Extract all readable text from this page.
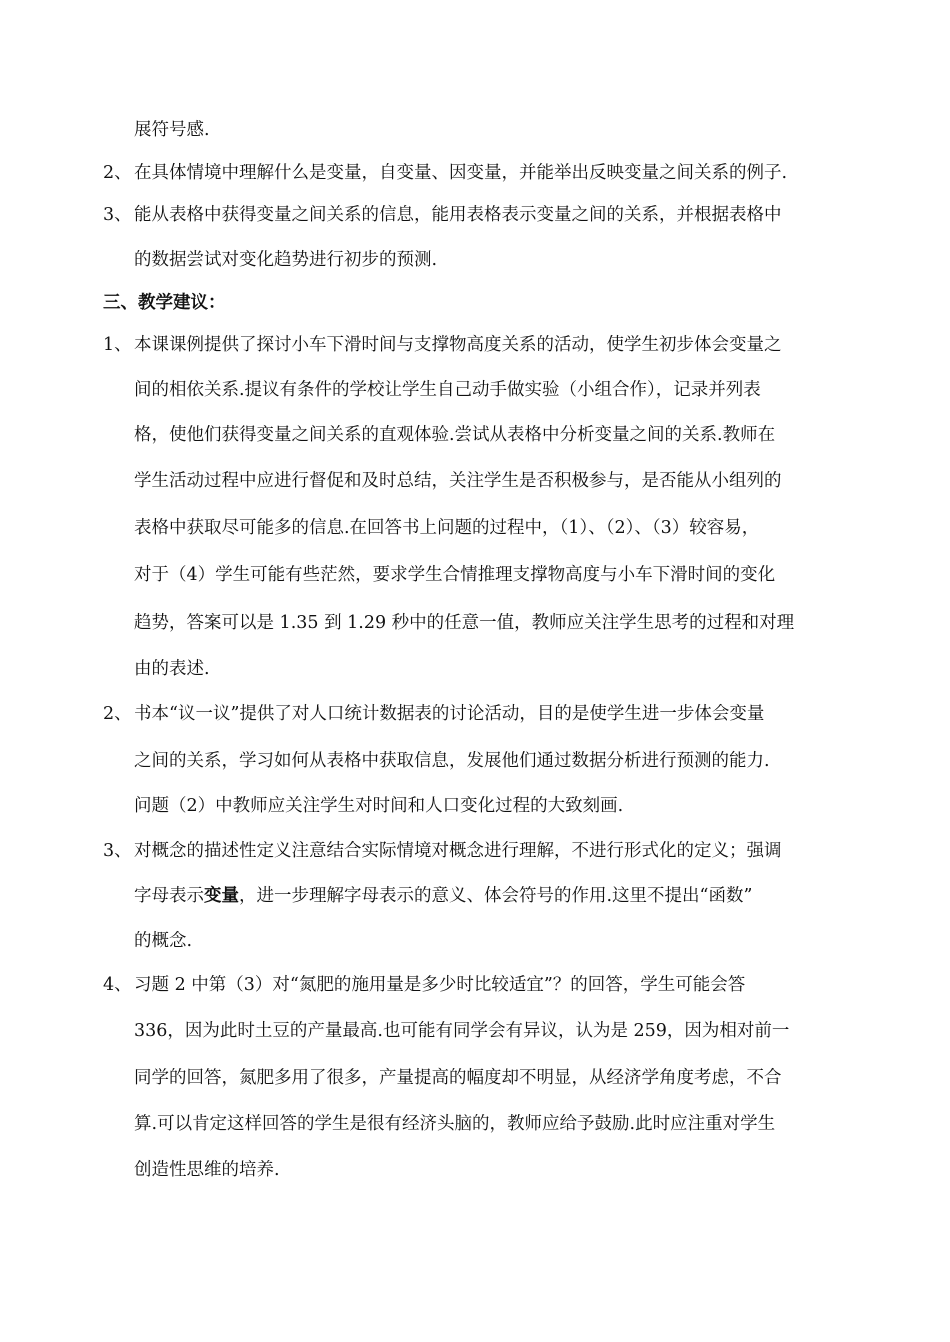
展符号感.
2、 在具体情境中理解什么是变量，自变量、因变量，并能举出反映变量之间关系的例子.
3、 能从表格中获得变量之间关系的信息，能用表格表示变量之间的关系，并根据表格中
的数据尝试对变化趋势进行初步的预测.
三、教学建议：
1、 本课课例提供了探讨小车下滑时间与支撑物高度关系的活动，使学生初步体会变量之
间的相依关系.提议有条件的学校让学生自己动手做实验（小组合作），记录并列表
格，使他们获得变量之间关系的直观体验.尝试从表格中分析变量之间的关系.教师在
学生活动过程中应进行督促和及时总结，关注学生是否积极参与，是否能从小组列的
表格中获取尽可能多的信息.在回答书上问题的过程中，（1）、（2）、（3）较容易，
对于（4）学生可能有些茫然，要求学生合情推理支撑物高度与小车下滑时间的变化
趋势，答案可以是 1.35 到 1.29 秒中的任意一值，教师应关注学生思考的过程和对理
由的表述.
2、 书本“议一议”提供了对人口统计数据表的讨论活动，目的是使学生进一步体会变量
之间的关系，学习如何从表格中获取信息，发展他们通过数据分析进行预测的能力.
问题（2）中教师应关注学生对时间和人口变化过程的大致刻画.
3、 对概念的描述性定义注意结合实际情境对概念进行理解，不进行形式化的定义；强调
字母表示变量，进一步理解字母表示的意义、体会符号的作用.这里不提出“函数”
的概念.
4、 习题 2 中第（3）对“氮肥的施用量是多少时比较适宜”？的回答，学生可能会答
336，因为此时土豆的产量最高.也可能有同学会有异议，认为是 259，因为相对前一
同学的回答，氮肥多用了很多，产量提高的幅度却不明显，从经济学角度考虑，不合
算.可以肯定这样回答的学生是很有经济头脑的，教师应给予鼓励.此时应注重对学生
创造性思维的培养.
